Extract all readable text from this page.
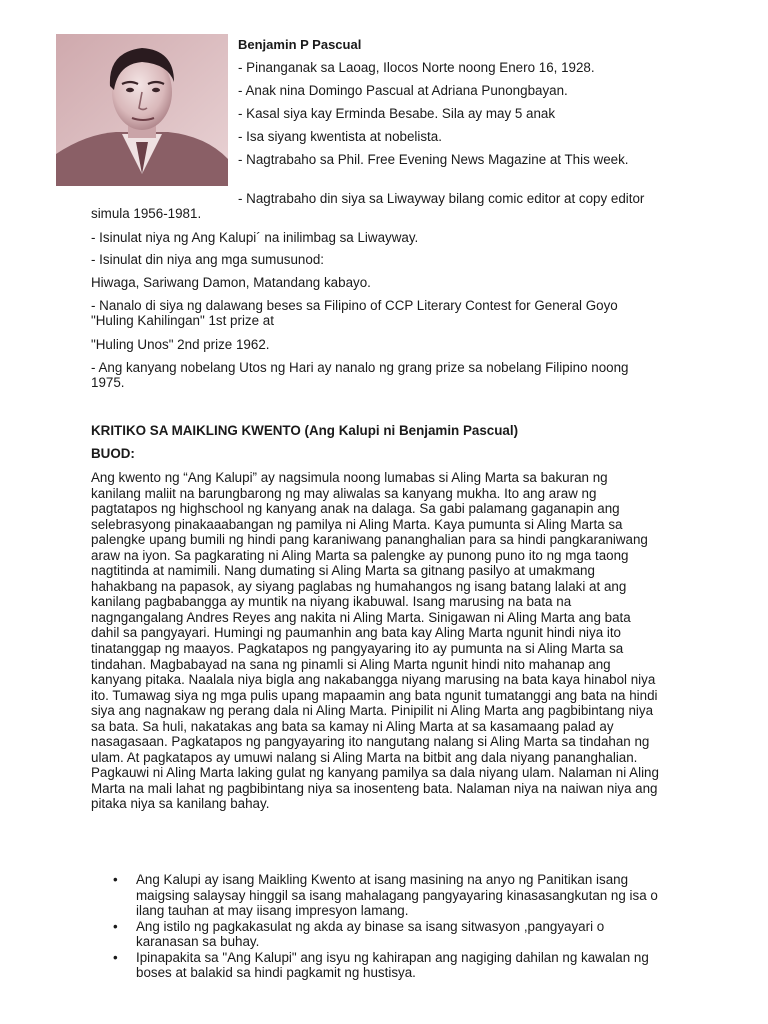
Benjamin P Pascual

- Pinanganak sa Laoag, Ilocos Norte noong Enero 16, 1928.

- Anak nina Domingo Pascual at Adriana Punongbayan.

- Kasal siya kay Erminda Besabe. Sila ay may 5 anak

- Isa siyang kwentista at nobelista.

- Nagtrabaho sa Phil. Free Evening News Magazine at This week.

- Nagtrabaho din siya sa Liwayway bilang comic editor at copy editor simula 1956-1981.

- Isinulat niya ng Ang Kalupi´ na inilimbag sa Liwayway.

- Isinulat din niya ang mga sumusunod:

Hiwaga, Sariwang Damon, Matandang kabayo.

- Nanalo di siya ng dalawang beses sa Filipino of CCP Literary Contest for General Goyo "Huling Kahilingan" 1st prize at

"Huling Unos" 2nd prize 1962.

- Ang kanyang nobelang Utos ng Hari ay nanalo ng grang prize sa nobelang Filipino noong 1975.

KRITIKO SA MAIKLING KWENTO (Ang Kalupi ni Benjamin Pascual)

BUOD:

Ang kwento ng “Ang Kalupi” ay nagsimula noong lumabas si Aling Marta sa bakuran ng kanilang maliit na barungbarong ng may aliwalas sa kanyang mukha. Ito ang araw ng pagtatapos ng highschool ng kanyang anak na dalaga. Sa gabi palamang gaganapin ang selebrasyong pinakaaabangan ng pamilya ni Aling Marta. Kaya pumunta si Aling Marta sa palengke upang bumili ng hindi pang karaniwang pananghalian para sa hindi pangkaraniwang araw na iyon. Sa pagkarating ni Aling Marta sa palengke ay punong puno ito ng mga taong nagtitinda at namimili. Nang dumating si Aling Marta sa gitnang pasilyo at umakmang hahakbang na papasok, ay siyang paglabas ng humahangos ng isang batang lalaki at ang kanilang pagbabangga ay muntik na niyang ikabuwal. Isang marusing na bata na nagngangalang Andres Reyes ang nakita ni Aling Marta. Sinigawan ni Aling Marta ang bata dahil sa pangyayari. Humingi ng paumanhin ang bata kay Aling Marta ngunit hindi niya ito tinatanggap ng maayos. Pagkatapos ng pangyayaring ito ay pumunta na si Aling Marta sa tindahan. Magbabayad na sana ng pinamli si Aling Marta ngunit hindi nito mahanap ang kanyang pitaka. Naalala niya bigla ang nakabangga niyang marusing na bata kaya hinabol niya ito. Tumawag siya ng mga pulis upang mapaamin ang bata ngunit tumatanggi ang bata na hindi siya ang nagnakaw ng perang dala ni Aling Marta. Pinipilit ni Aling Marta ang pagbibintang niya sa bata. Sa huli, nakatakas ang bata sa kamay ni Aling Marta at sa kasamaang palad ay nasagasaan. Pagkatapos ng pangyayaring ito nangutang nalang si Aling Marta sa tindahan ng ulam. At pagkatapos ay umuwi nalang si Aling Marta na bitbit ang dala niyang pananghalian. Pagkauwi ni Aling Marta laking gulat ng kanyang pamilya sa dala niyang ulam. Nalaman ni Aling Marta na mali lahat ng pagbibintang niya sa inosenteng bata. Nalaman niya na naiwan niya ang pitaka niya sa kanilang bahay.

• Ang Kalupi ay isang Maikling Kwento at isang masining na anyo ng Panitikan isang maigsing salaysay hinggil sa isang mahalagang pangyayaring kinasasangkutan ng isa o ilang tauhan at may iisang impresyon lamang.
• Ang istilo ng pagkakasulat ng akda ay binase sa isang sitwasyon ,pangyayari o karanasan sa buhay.
• Ipinapakita sa "Ang Kalupi" ang isyu ng kahirapan ang nagiging dahilan ng kawalan ng boses at balakid sa hindi pagkamit ng hustisya.
